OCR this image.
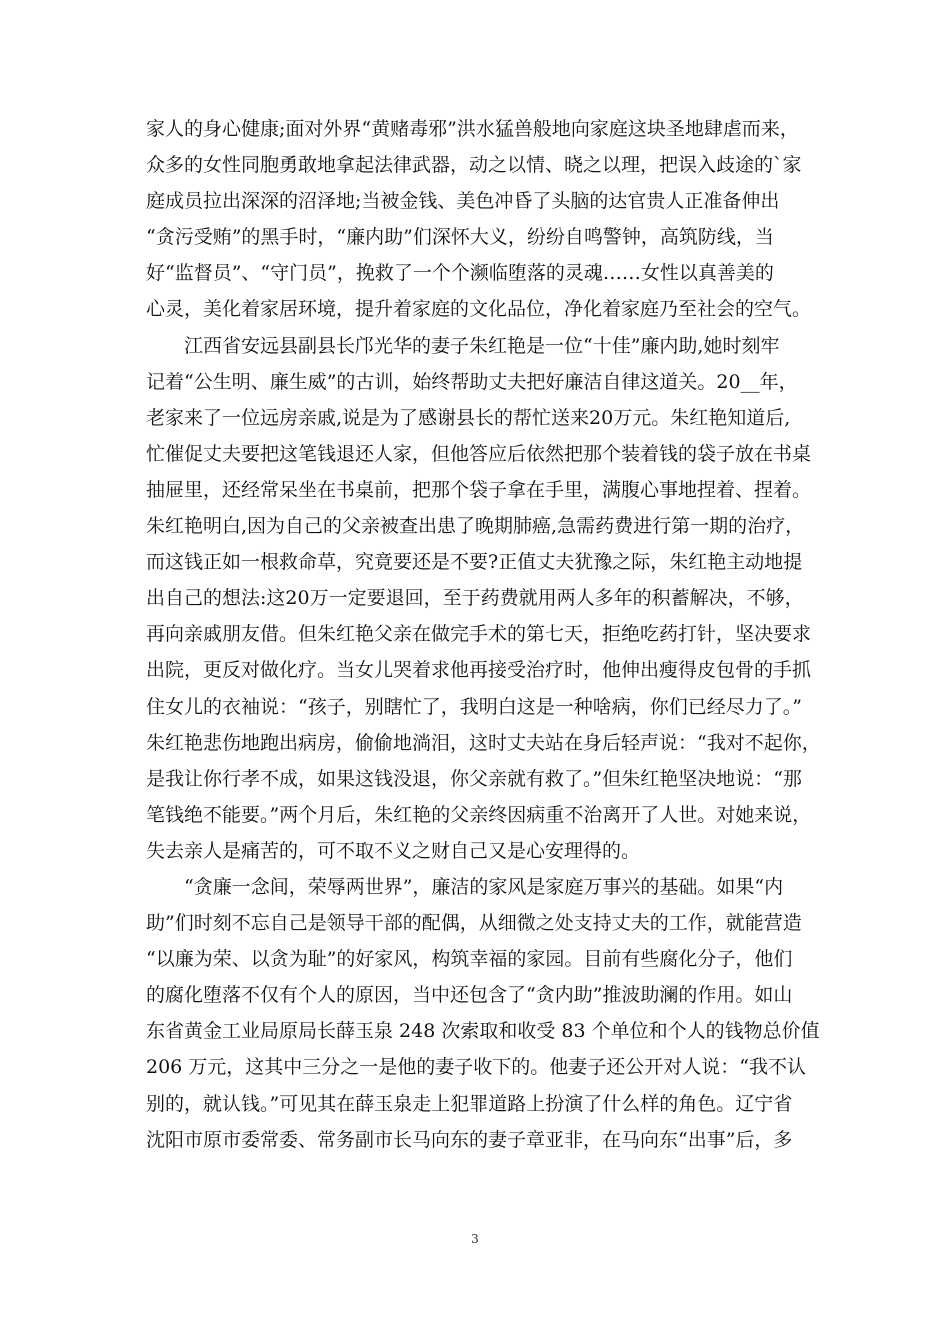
家人的身心健康;面对外界“黄赌毒邪”洪水猛兽般地向家庭这块圣地肆虐而来，
众多的女性同胞勇敢地拿起法律武器，动之以情、晓之以理，把误入歧途的`家
庭成员拉出深深的沼泽地;当被金钱、美色冲昏了头脑的达官贵人正准备伸出
“贪污受贿”的黑手时，“廉内助”们深怀大义，纷纷自鸣警钟，高筑防线，当
好“监督员”、“守门员”，挽救了一个个濒临堕落的灵魂……女性以真善美的
心灵，美化着家居环境，提升着家庭的文化品位，净化着家庭乃至社会的空气。
　　江西省安远县副县长邝光华的妻子朱红艳是一位“十佳”廉内助,她时刻牢
记着“公生明、廉生威”的古训，始终帮助丈夫把好廉洁自律这道关。20__年，
老家来了一位远房亲戚,说是为了感谢县长的帮忙送来20万元。朱红艳知道后,
忙催促丈夫要把这笔钱退还人家，但他答应后依然把那个装着钱的袋子放在书桌
抽屉里，还经常呆坐在书桌前，把那个袋子拿在手里，满腹心事地捏着、捏着。
朱红艳明白,因为自己的父亲被查出患了晚期肺癌,急需药费进行第一期的治疗，
而这钱正如一根救命草，究竟要还是不要?正值丈夫犹豫之际，朱红艳主动地提
出自己的想法:这20万一定要退回，至于药费就用两人多年的积蓄解决，不够，
再向亲戚朋友借。但朱红艳父亲在做完手术的第七天，拒绝吃药打针，坚决要求
出院，更反对做化疗。当女儿哭着求他再接受治疗时，他伸出瘦得皮包骨的手抓
住女儿的衣袖说：“孩子，别瞎忙了，我明白这是一种啥病，你们已经尽力了。”
朱红艳悲伤地跑出病房，偷偷地淌泪，这时丈夫站在身后轻声说：“我对不起你，
是我让你行孝不成，如果这钱没退，你父亲就有救了。”但朱红艳坚决地说：“那
笔钱绝不能要。”两个月后，朱红艳的父亲终因病重不治离开了人世。对她来说，
失去亲人是痛苦的，可不取不义之财自己又是心安理得的。
　　“贪廉一念间，荣辱两世界”，廉洁的家风是家庭万事兴的基础。如果“内
助”们时刻不忘自己是领导干部的配偶，从细微之处支持丈夫的工作，就能营造
“以廉为荣、以贪为耻”的好家风，构筑幸福的家园。目前有些腐化分子，他们
的腐化堕落不仅有个人的原因，当中还包含了“贪内助”推波助澜的作用。如山
东省黄金工业局原局长薛玉泉 248 次索取和收受 83 个单位和个人的钱物总价值
206 万元，这其中三分之一是他的妻子收下的。他妻子还公开对人说：“我不认
别的，就认钱。”可见其在薛玉泉走上犯罪道路上扮演了什么样的角色。辽宁省
沈阳市原市委常委、常务副市长马向东的妻子章亚非，在马向东“出事”后，多
3
